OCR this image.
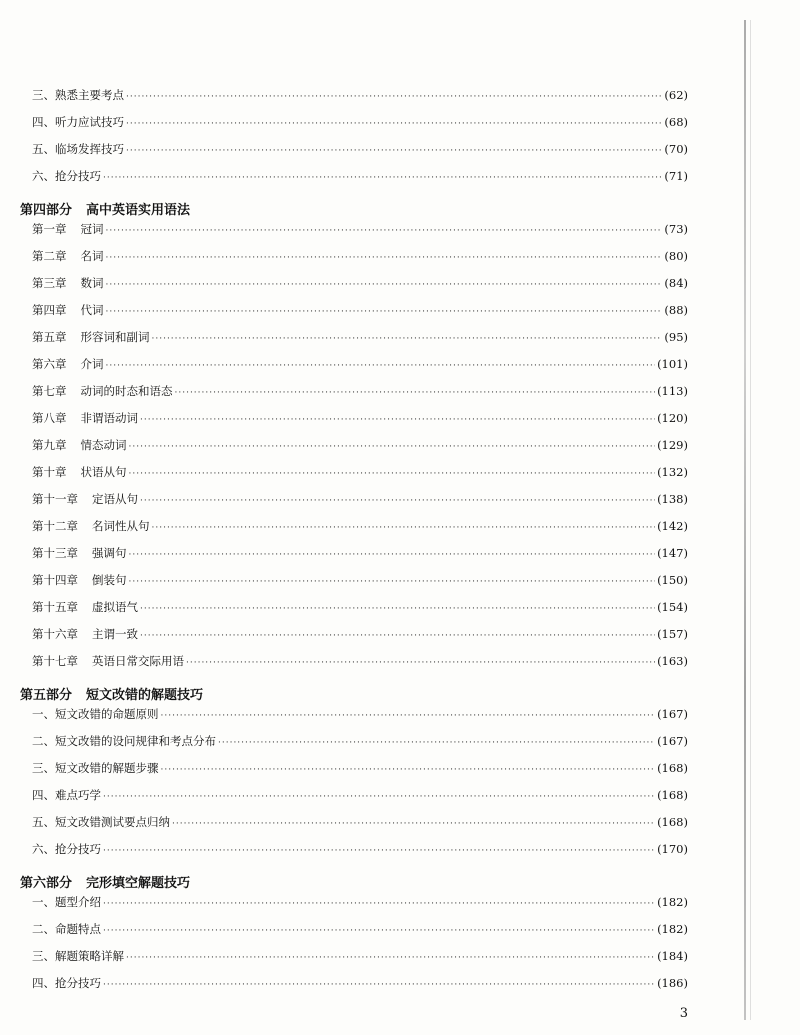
三、熟悉主要考点 ·····	(62)
四、听力应试技巧 ·····	(68)
五、临场发挥技巧 ·····	(70)
六、抢分技巧 ·····	(71)
第四部分 高中英语实用语法
第一章 冠词 ·····	(73)
第二章 名词 ·····	(80)
第三章 数词 ·····	(84)
第四章 代词 ·····	(88)
第五章 形容词和副词 ·····	(95)
第六章 介词 ·····	(101)
第七章 动词的时态和语态 ·····	(113)
第八章 非谓语动词 ·····	(120)
第九章 情态动词 ·····	(129)
第十章 状语从句 ·····	(132)
第十一章 定语从句 ·····	(138)
第十二章 名词性从句 ·····	(142)
第十三章 强调句 ·····	(147)
第十四章 倒装句 ·····	(150)
第十五章 虚拟语气 ·····	(154)
第十六章 主谓一致 ·····	(157)
第十七章 英语日常交际用语 ·····	(163)
第五部分 短文改错的解题技巧
一、短文改错的命题原则 ·····	(167)
二、短文改错的设问规律和考点分布 ·····	(167)
三、短文改错的解题步骤 ·····	(168)
四、难点巧学 ·····	(168)
五、短文改错测试要点归纳 ·····	(168)
六、抢分技巧 ·····	(170)
第六部分 完形填空解题技巧
一、题型介绍 ·····	(182)
二、命题特点 ·····	(182)
三、解题策略详解 ·····	(184)
四、抢分技巧 ·····	(186)
3
